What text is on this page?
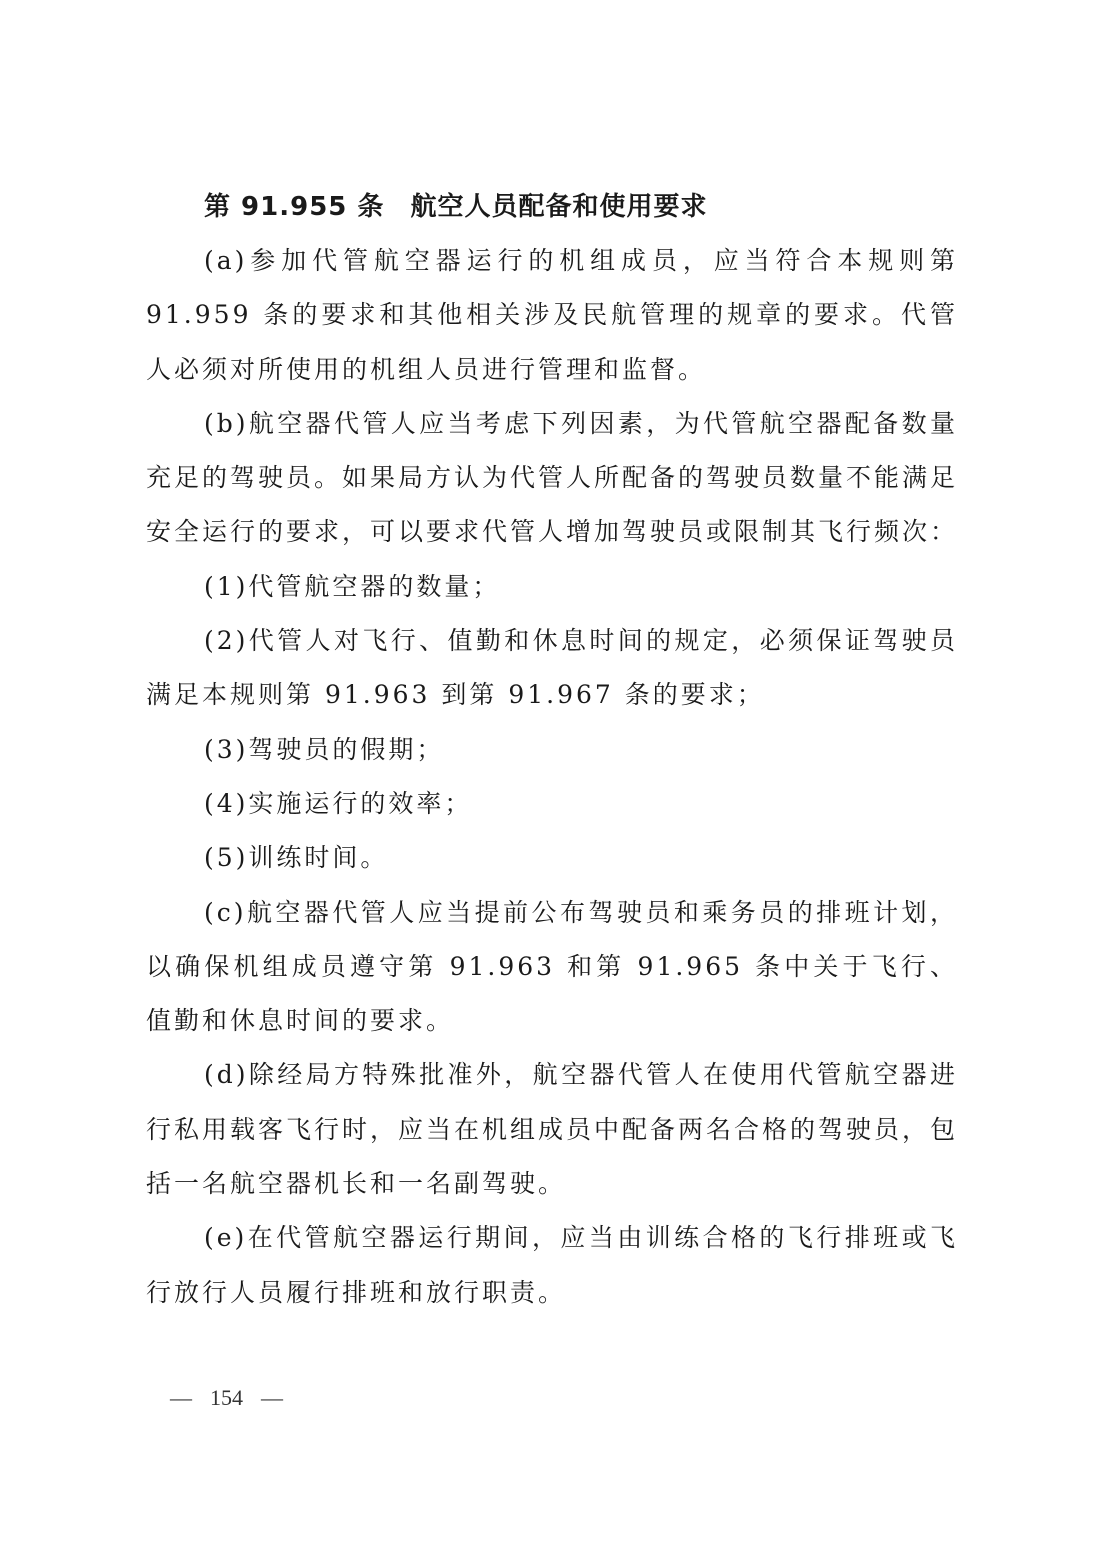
第 91.955 条 航空人员配备和使用要求

(a)参加代管航空器运行的机组成员，应当符合本规则第 91.959 条的要求和其他相关涉及民航管理的规章的要求。代管人必须对所使用的机组人员进行管理和监督。

(b)航空器代管人应当考虑下列因素，为代管航空器配备数量充足的驾驶员。如果局方认为代管人所配备的驾驶员数量不能满足安全运行的要求，可以要求代管人增加驾驶员或限制其飞行频次：

(1)代管航空器的数量；

(2)代管人对飞行、值勤和休息时间的规定，必须保证驾驶员满足本规则第 91.963 到第 91.967 条的要求；

(3)驾驶员的假期；

(4)实施运行的效率；

(5)训练时间。

(c)航空器代管人应当提前公布驾驶员和乘务员的排班计划，以确保机组成员遵守第 91.963 和第 91.965 条中关于飞行、值勤和休息时间的要求。

(d)除经局方特殊批准外，航空器代管人在使用代管航空器进行私用载客飞行时，应当在机组成员中配备两名合格的驾驶员，包括一名航空器机长和一名副驾驶。

(e)在代管航空器运行期间，应当由训练合格的飞行排班或飞行放行人员履行排班和放行职责。

— 154 —
